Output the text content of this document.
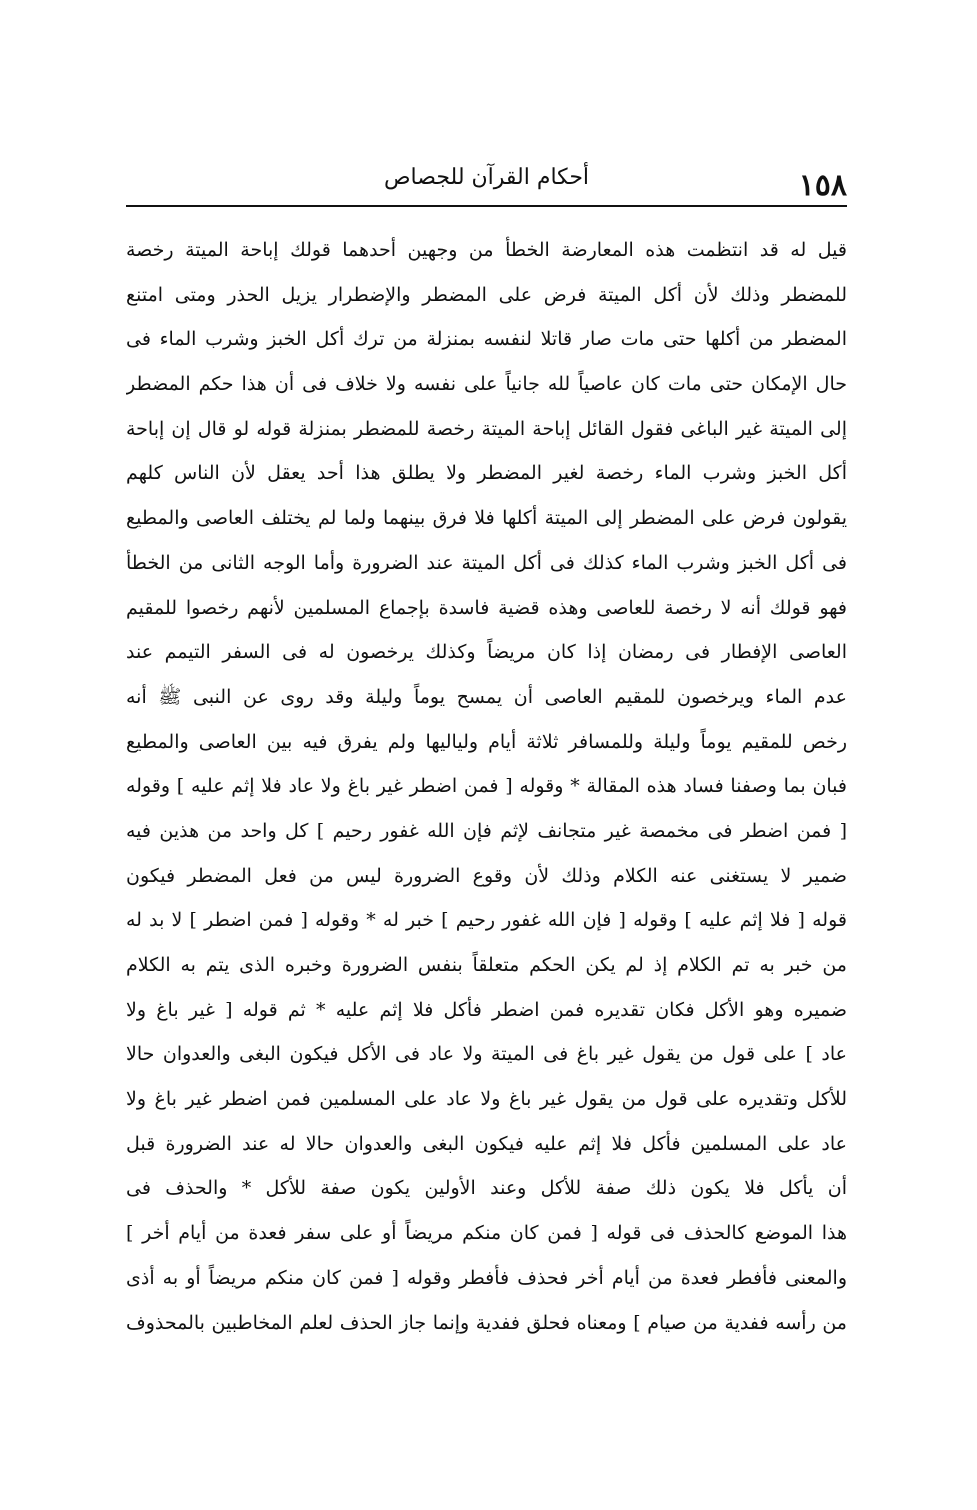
١٥٨
أحكام القرآن للجصاص
قيل له قد انتظمت هذه المعارضة الخطأ من وجهين أحدهما قولك إباحة الميتة رخصة
للمضطر وذلك لأن أكل الميتة فرض على المضطر والإضطرار يزيل الحذر ومتى امتنع
المضطر من أكلها حتى مات صار قاتلا لنفسه بمنزلة من ترك أكل الخبز وشرب الماء فى
حال الإمكان حتى مات كان عاصياً لله جانياً على نفسه ولا خلاف فى أن هذا حكم المضطر
إلى الميتة غير الباغى فقول القائل إباحة الميتة رخصة للمضطر بمنزلة قوله لو قال إن إباحة
أكل الخبز وشرب الماء رخصة لغير المضطر ولا يطلق هذا أحد يعقل لأن الناس كلهم
يقولون فرض على المضطر إلى الميتة أكلها فلا فرق بينهما ولما لم يختلف العاصى والمطيع
فى أكل الخبز وشرب الماء كذلك فى أكل الميتة عند الضرورة وأما الوجه الثانى من الخطأ
فهو قولك أنه لا رخصة للعاصى وهذه قضية فاسدة بإجماع المسلمين لأنهم رخصوا للمقيم
العاصى الإفطار فى رمضان إذا كان مريضاً وكذلك يرخصون له فى السفر التيمم عند
عدم الماء ويرخصون للمقيم العاصى أن يمسح يوماً وليلة وقد روى عن النبى ﷺ أنه
رخص للمقيم يوماً وليلة وللمسافر ثلاثة أيام ولياليها ولم يفرق فيه بين العاصى والمطيع
فبان بما وصفنا فساد هذه المقالة * وقوله [ فمن اضطر غير باغ ولا عاد فلا إثم عليه ] وقوله
[ فمن اضطر فى مخمصة غير متجانف لإثم فإن الله غفور رحيم ] كل واحد من هذين فيه
ضمير لا يستغنى عنه الكلام وذلك لأن وقوع الضرورة ليس من فعل المضطر فيكون
قوله [ فلا إثم عليه ] وقوله [ فإن الله غفور رحيم ] خبر له * وقوله [ فمن اضطر ] لا بد له
من خبر به تم الكلام إذ لم يكن الحكم متعلقاً بنفس الضرورة وخبره الذى يتم به الكلام
ضميره وهو الأكل فكان تقديره فمن اضطر فأكل فلا إثم عليه * ثم قوله [ غير باغ ولا
عاد ] على قول من يقول غير باغ فى الميتة ولا عاد فى الأكل فيكون البغى والعدوان حالا
للأكل وتقديره على قول من يقول غير باغ ولا عاد على المسلمين فمن اضطر غير باغ ولا
عاد على المسلمين فأكل فلا إثم عليه فيكون البغى والعدوان حالا له عند الضرورة قبل
أن يأكل فلا يكون ذلك صفة للأكل وعند الأولين يكون صفة للأكل * والحذف فى
هذا الموضع كالحذف فى قوله [ فمن كان منكم مريضاً أو على سفر فعدة من أيام أخر ]
والمعنى فأفطر فعدة من أيام أخر فحذف فأفطر وقوله [ فمن كان منكم مريضاً أو به أذى
من رأسه ففدية من صيام ] ومعناه فحلق ففدية وإنما جاز الحذف لعلم المخاطبين بالمحذوف
